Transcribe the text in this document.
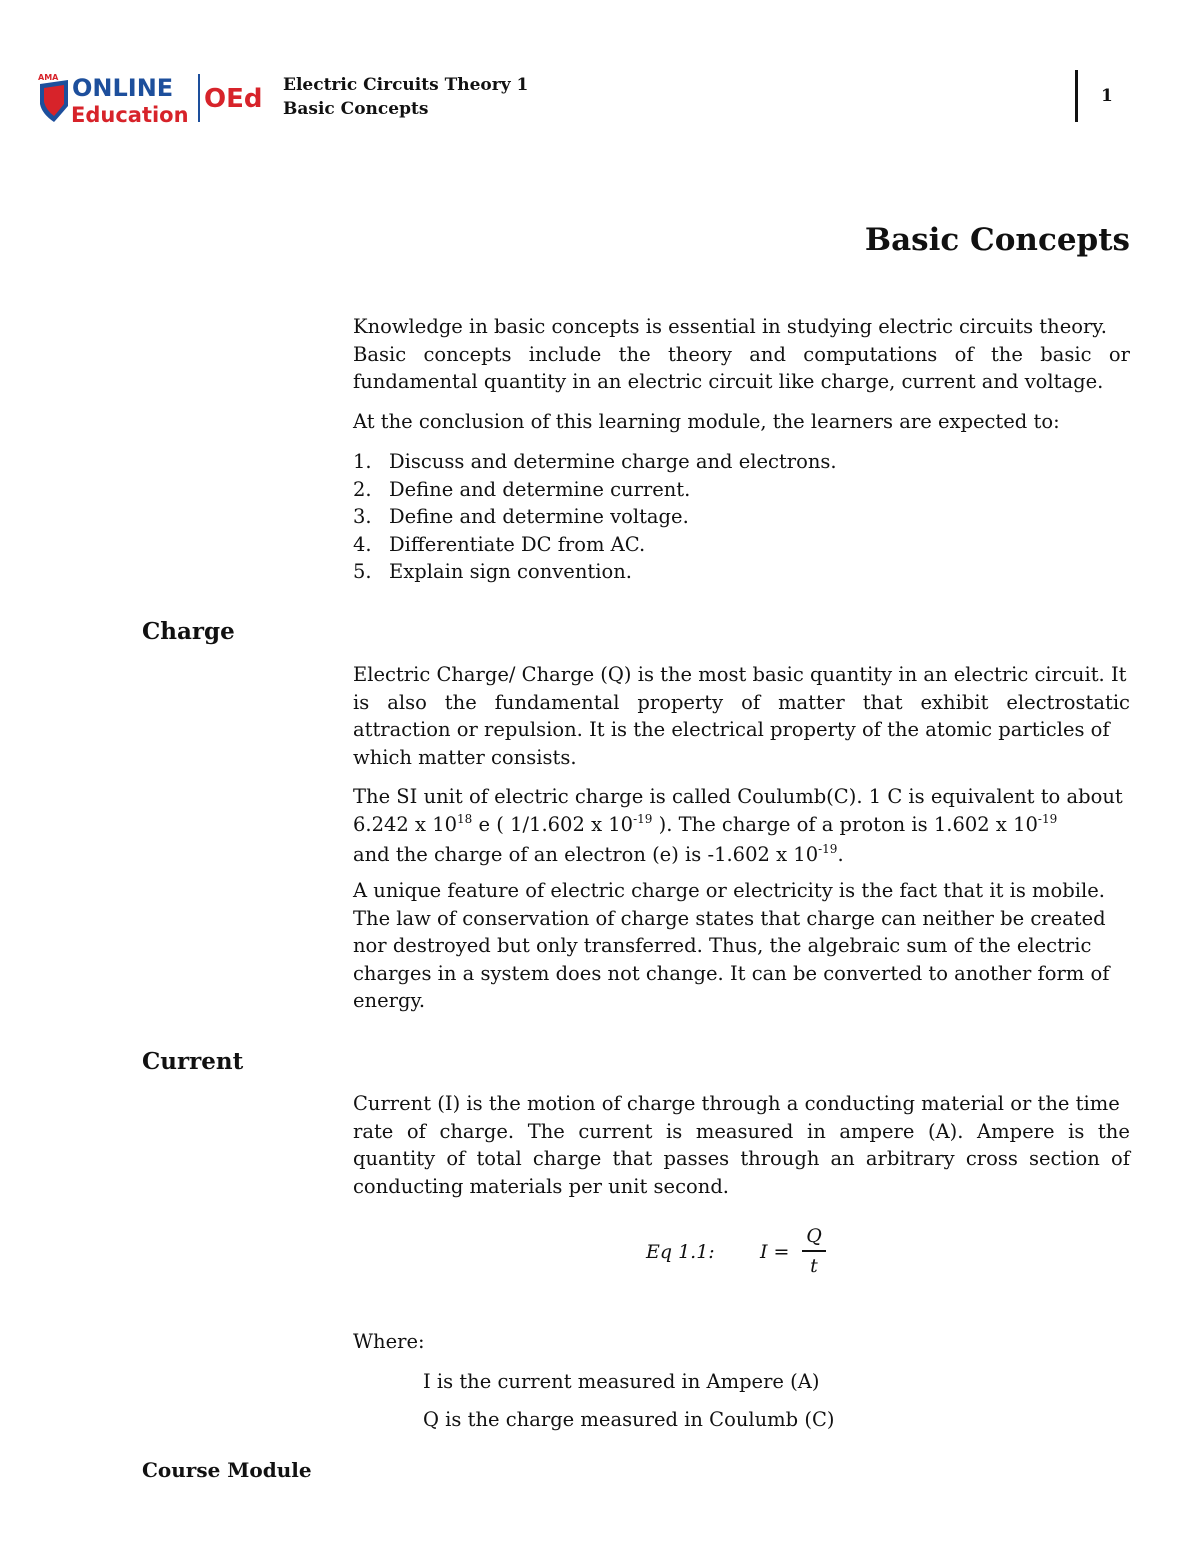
AMA ONLINE
Education
OEd Electric Circuits Theory 1
Basic Concepts
1
Basic Concepts
Knowledge in basic concepts is essential in studying electric circuits theory.
Basic concepts include the theory and computations of the basic or
fundamental quantity in an electric circuit like charge, current and voltage.
At the conclusion of this learning module, the learners are expected to:
1. Discuss and determine charge and electrons.
2. Define and determine current.
3. Define and determine voltage.
4. Differentiate DC from AC.
5. Explain sign convention.
Charge
Electric Charge/ Charge (Q) is the most basic quantity in an electric circuit. It
is also the fundamental property of matter that exhibit electrostatic
attraction or repulsion. It is the electrical property of the atomic particles of
which matter consists.
The SI unit of electric charge is called Coulumb(C). 1 C is equivalent to about
6.242 x $10^{18}$ e ( 1/1.602 x $10^{-19}$ ). The charge of a proton is 1.602 x $10^{-19}$
and the charge of an electron (e) is -1.602 x $10^{-19}$.
A unique feature of electric charge or electricity is the fact that it is mobile.
The law of conservation of charge states that charge can neither be created
nor destroyed but only transferred. Thus, the algebraic sum of the electric
charges in a system does not change. It can be converted to another form of
energy.
Current
Current (I) is the motion of charge through a conducting material or the time
rate of charge. The current is measured in ampere (A). Ampere is the
quantity of total charge that passes through an arbitrary cross section of
conducting materials per unit second.
Eq 1.1: I =
Q
t
Where:
I is the current measured in Ampere (A)
Q is the charge measured in Coulumb (C)
Course Module
